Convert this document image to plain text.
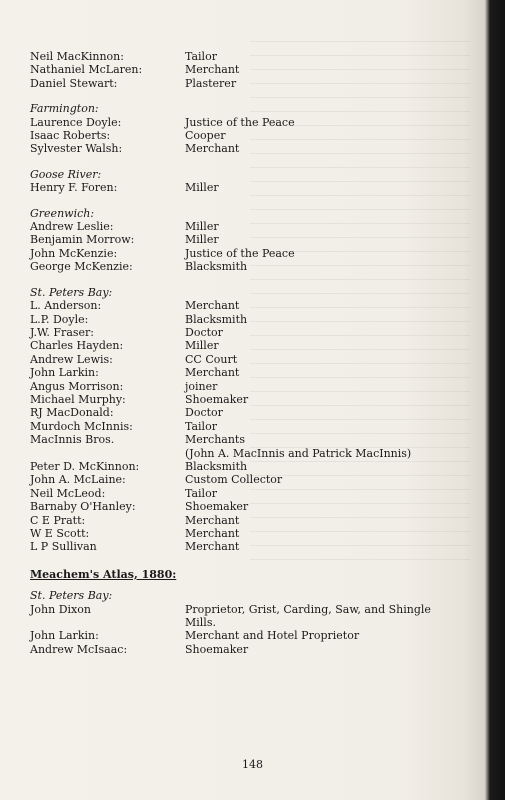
Neil MacKinnon:	Tailor
Nathaniel McLaren:	Merchant
Daniel Stewart:	Plasterer
Farmington:
Laurence Doyle:	Justice of the Peace
Isaac Roberts:	Cooper
Sylvester Walsh:	Merchant
Goose River:
Henry F. Foren:	Miller
Greenwich:
Andrew Leslie:	Miller
Benjamin Morrow:	Miller
John McKenzie:	Justice of the Peace
George McKenzie:	Blacksmith
St. Peters Bay:
L. Anderson:	Merchant
L.P. Doyle:	Blacksmith
J.W. Fraser:	Doctor
Charles Hayden:	Miller
Andrew Lewis:	CC Court
John Larkin:	Merchant
Angus Morrison:	joiner
Michael Murphy:	Shoemaker
RJ MacDonald:	Doctor
Murdoch McInnis:	Tailor
MacInnis Bros.	Merchants
(John A. MacInnis and Patrick MacInnis)
Peter D. McKinnon:	Blacksmith
John A. McLaine:	Custom Collector
Neil McLeod:	Tailor
Barnaby O'Hanley:	Shoemaker
C E Pratt:	Merchant
W E Scott:	Merchant
L P Sullivan	Merchant
Meachem's Atlas, 1880:
St. Peters Bay:
John Dixon	Proprietor, Grist, Carding, Saw, and Shingle Mills.
John Larkin:	Merchant and Hotel Proprietor
Andrew McIsaac:	Shoemaker
148
